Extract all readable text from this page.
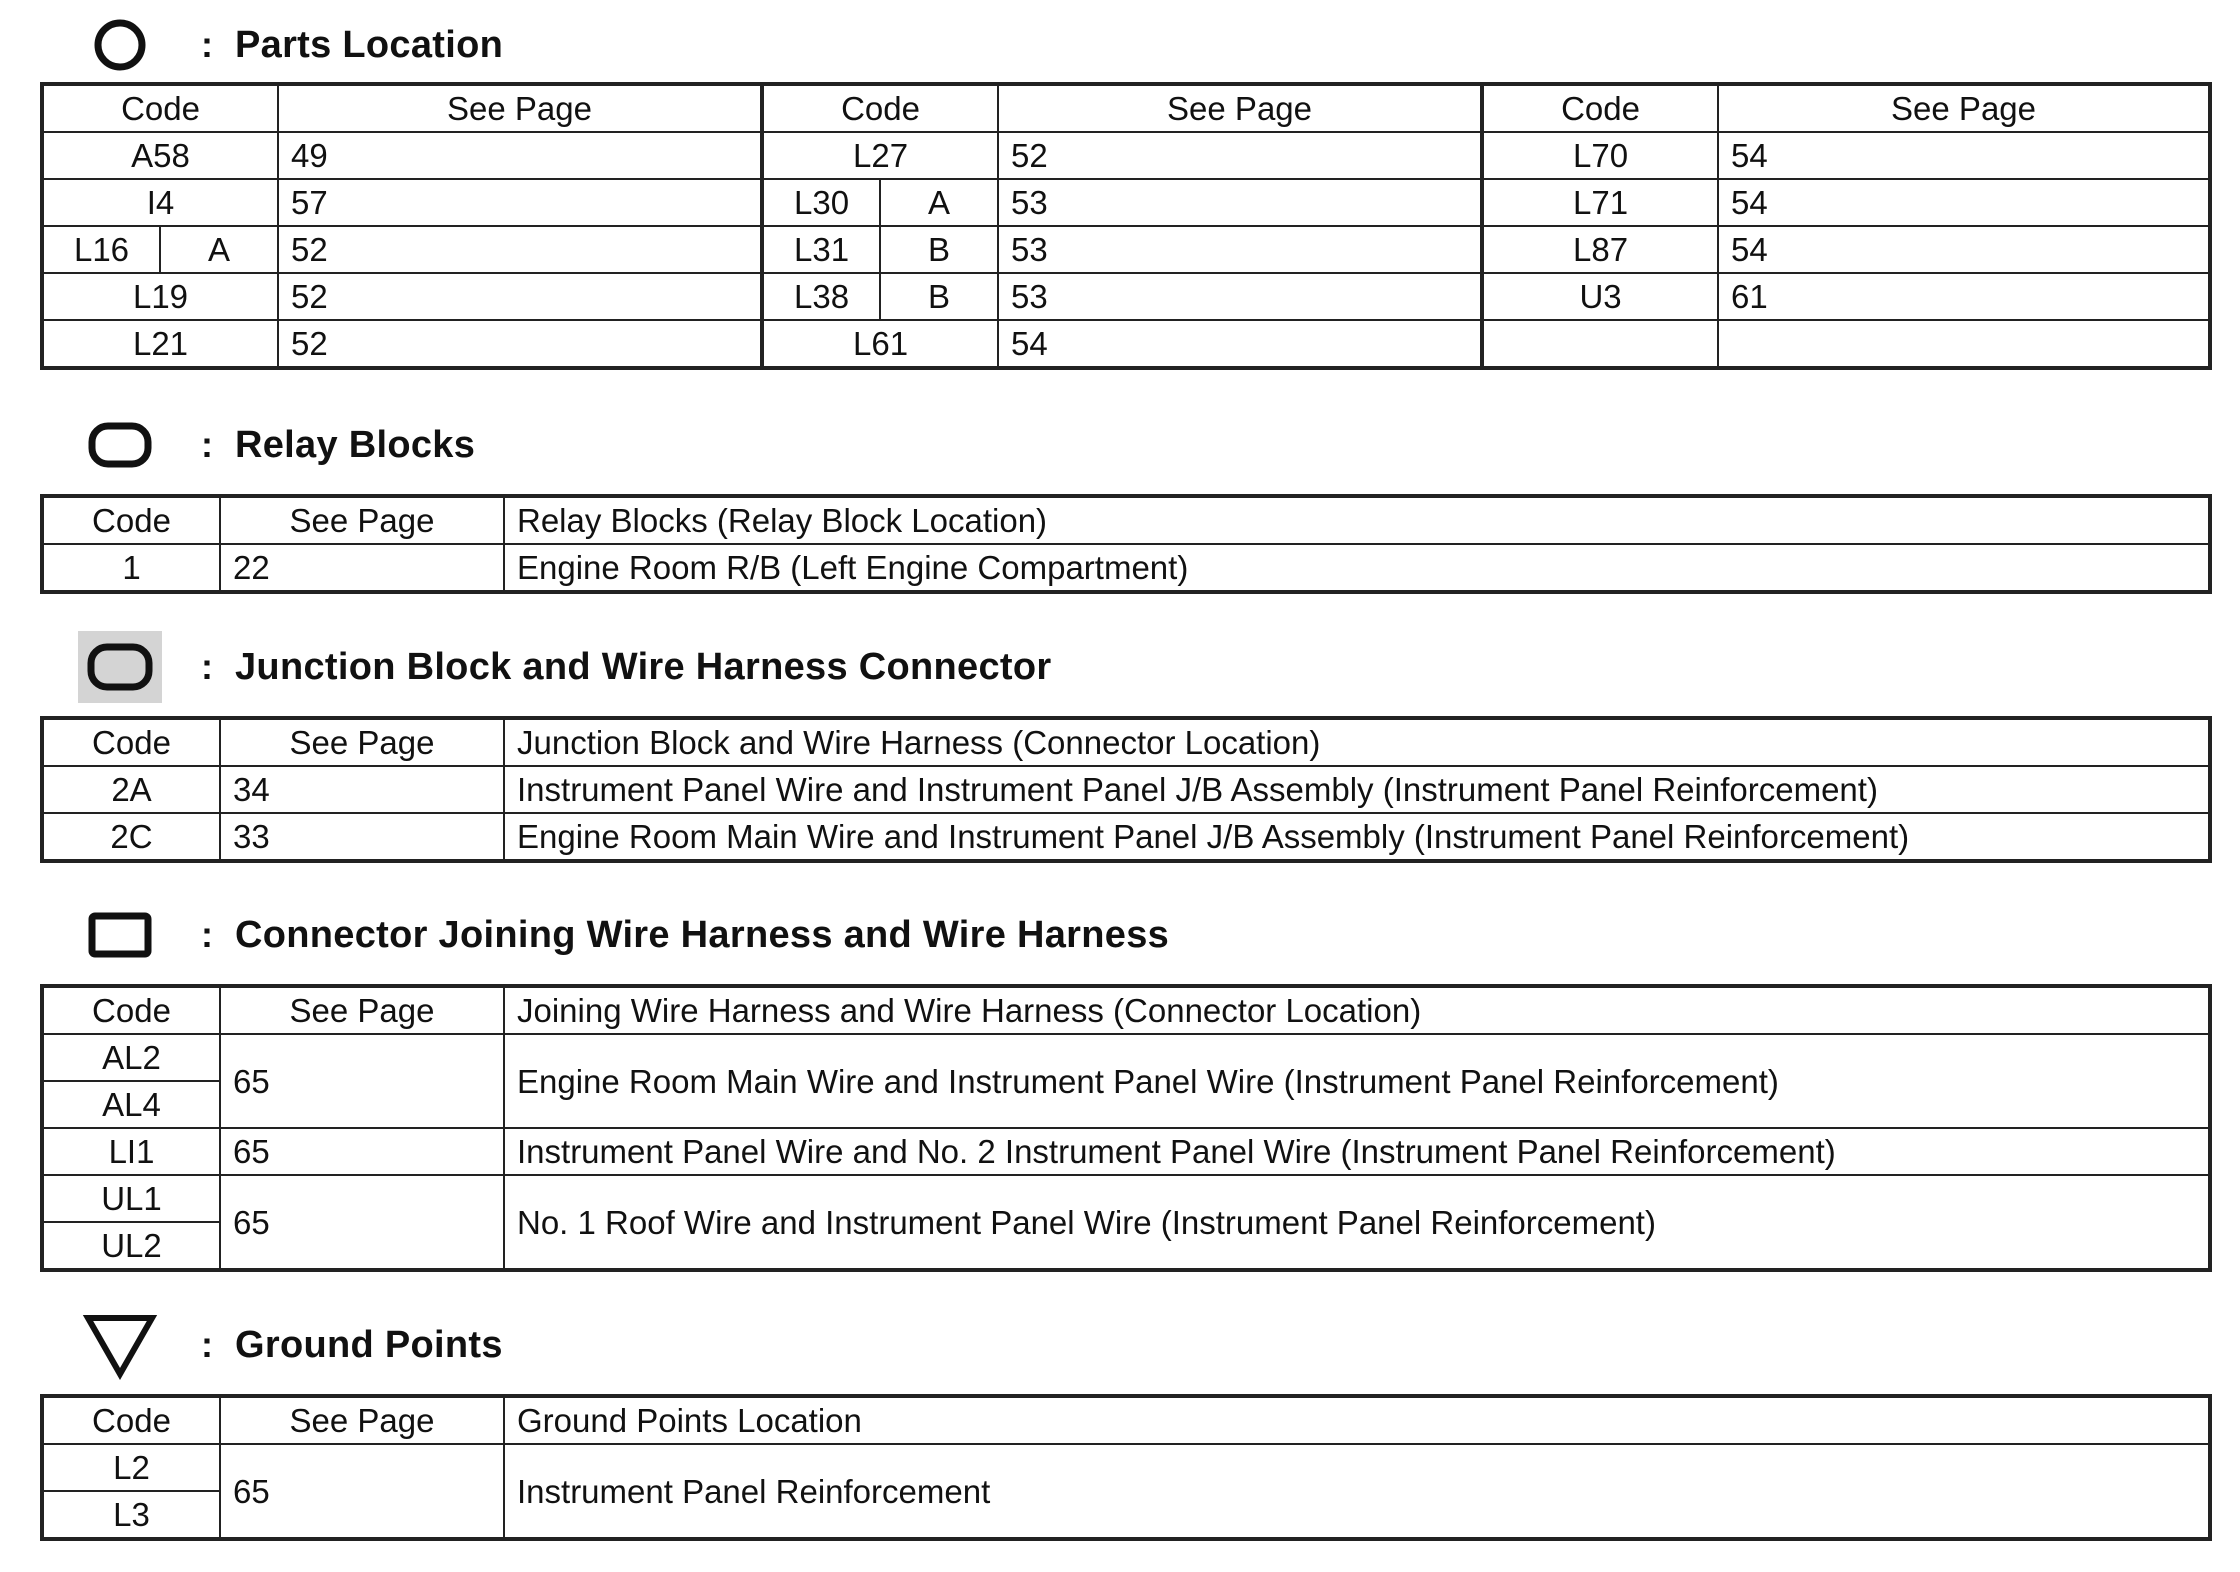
: Parts Location
Code		See Page	Code		See Page	Code	See Page
A58		49	L27		52	L70	54
I4		57	L30	A	53	L71	54
L16	A	52	L31	B	53	L87	54
L19		52	L38	B	53	U3	61
L21		52	L61		54		
: Relay Blocks
Code	See Page	Relay Blocks (Relay Block Location)
1	22	Engine Room R/B (Left Engine Compartment)
: Junction Block and Wire Harness Connector
Code	See Page	Junction Block and Wire Harness (Connector Location)
2A	34	Instrument Panel Wire and Instrument Panel J/B Assembly (Instrument Panel Reinforcement)
2C	33	Engine Room Main Wire and Instrument Panel J/B Assembly (Instrument Panel Reinforcement)
: Connector Joining Wire Harness and Wire Harness
Code	See Page	Joining Wire Harness and Wire Harness (Connector Location)
AL2	65	Engine Room Main Wire and Instrument Panel Wire (Instrument Panel Reinforcement)
AL4		
LI1	65	Instrument Panel Wire and No. 2 Instrument Panel Wire (Instrument Panel Reinforcement)
UL1	65	No. 1 Roof Wire and Instrument Panel Wire (Instrument Panel Reinforcement)
UL2		
: Ground Points
Code	See Page	Ground Points Location
L2	65	Instrument Panel Reinforcement
L3		
